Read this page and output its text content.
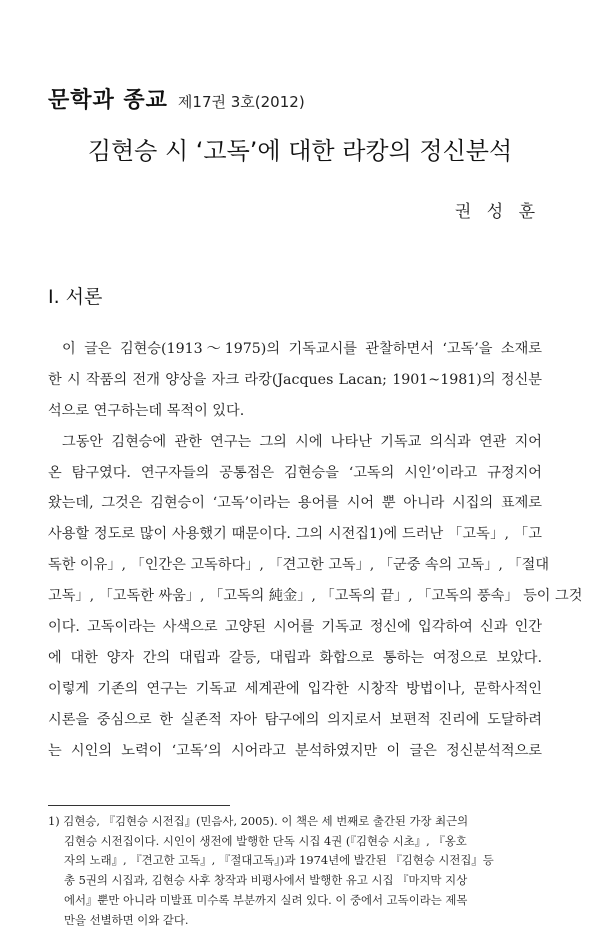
문학과 종교 제17권 3호(2012)
김현승 시 ‘고독’에 대한 라캉의 정신분석
권 성 훈
Ⅰ. 서론
이 글은 김현승(1913～1975)의 기독교시를 관찰하면서 ‘고독’을 소재로
한 시 작품의 전개 양상을 자크 라캉(Jacques Lacan; 1901~1981)의 정신분
석으로 연구하는데 목적이 있다.
그동안 김현승에 관한 연구는 그의 시에 나타난 기독교 의식과 연관 지어
온 탐구였다. 연구자들의 공통점은 김현승을 ‘고독의 시인’이라고 규정지어
왔는데, 그것은 김현승이 ‘고독’이라는 용어를 시어 뿐 아니라 시집의 표제로
사용할 정도로 많이 사용했기 때문이다. 그의 시전집1)에 드러난 「고독」, 「고
독한 이유」, 「인간은 고독하다」, 「견고한 고독」, 「군중 속의 고독」, 「절대
고독」, 「고독한 싸움」, 「고독의 純金」, 「고독의 끝」, 「고독의 풍속」 등이 그것
이다. 고독이라는 사색으로 고양된 시어를 기독교 정신에 입각하여 신과 인간
에 대한 양자 간의 대립과 갈등, 대립과 화합으로 통하는 여정으로 보았다.
이렇게 기존의 연구는 기독교 세계관에 입각한 시창작 방법이나, 문학사적인
시론을 중심으로 한 실존적 자아 탐구에의 의지로서 보편적 진리에 도달하려
는 시인의 노력이 ‘고독’의 시어라고 분석하였지만 이 글은 정신분석적으로
1) 김현승, 『김현승 시전집』(민음사, 2005). 이 책은 세 번째로 출간된 가장 최근의
김현승 시전집이다. 시인이 생전에 발행한 단독 시집 4권 (『김현승 시초』, 『옹호
자의 노래』, 『견고한 고독』, 『절대고독』)과 1974년에 발간된 『김현승 시전집』등
총 5권의 시집과, 김현승 사후 창작과 비평사에서 발행한 유고 시집 『마지막 지상
에서』뿐만 아니라 미발표 미수록 부분까지 실려 있다. 이 중에서 고독이라는 제목
만을 선별하면 이와 같다.
